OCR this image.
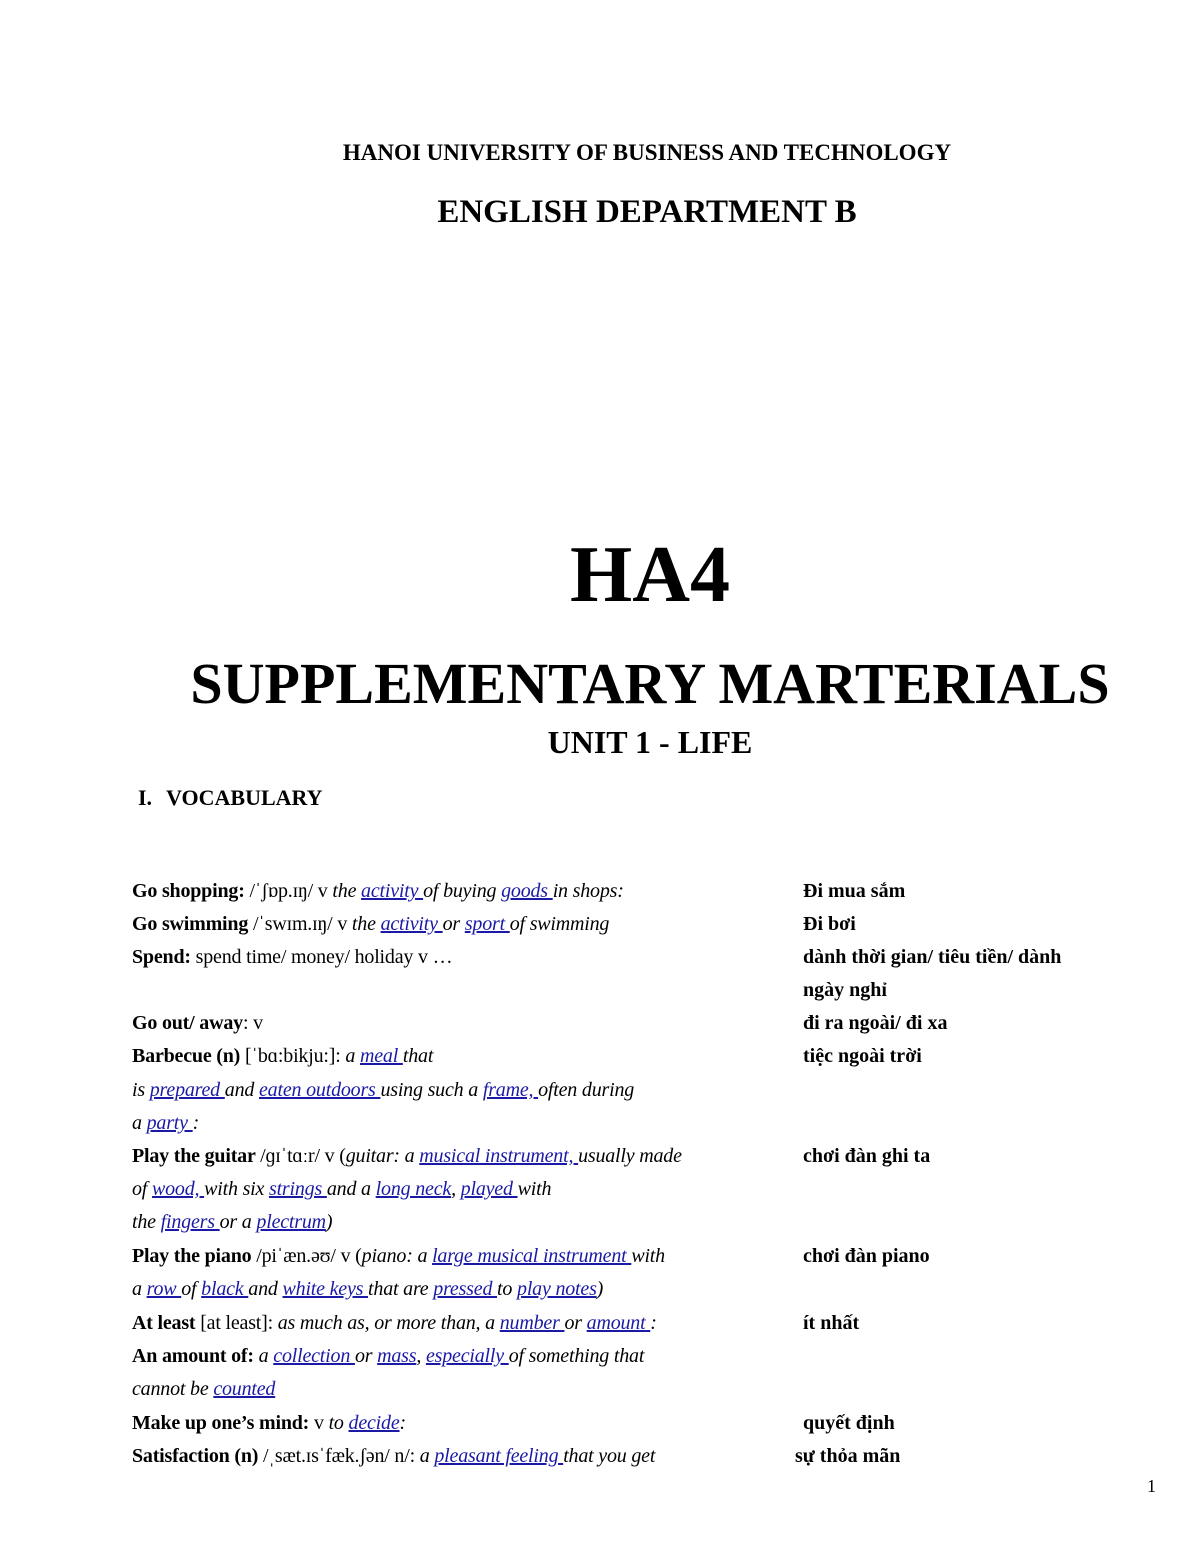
HANOI UNIVERSITY OF BUSINESS AND TECHNOLOGY
ENGLISH DEPARTMENT B
HA4
SUPPLEMENTARY MARTERIALS
UNIT 1 - LIFE
I. VOCABULARY
Go shopping: /ˈʃɒp.ɪŋ/ v the activity of buying goods in shops:
Go swimming /ˈswɪm.ɪŋ/ v the activity or sport of swimming
Spend: spend time/ money/ holiday v …
Go out/ away: v
Barbecue (n) [ˈbɑ:bikju:]: a meal that
is prepared and eaten outdoors using such a frame, often during
a party :
Play the guitar /ɡɪˈtɑːr/ v (guitar: a musical instrument, usually made
of wood, with six strings and a long neck, played with
the fingers or a plectrum)
Play the piano /piˈæn.əʊ/ v (piano: a large musical instrument with
a row of black and white keys that are pressed to play notes)
At least [at least]: as much as, or more than, a number or amount :
An amount of: a collection or mass, especially of something that
cannot be counted
Make up one’s mind: v to decide:
Satisfaction (n) /ˌsæt.ɪsˈfæk.ʃən/ n/: a pleasant feeling that you get
Đi mua sắm
Đi bơi
dành thời gian/ tiêu tiền/ dành
ngày nghỉ
đi ra ngoài/ đi xa
tiệc ngoài trời
chơi đàn ghi ta
chơi đàn piano
ít nhất
quyết định
sự thỏa mãn
1
